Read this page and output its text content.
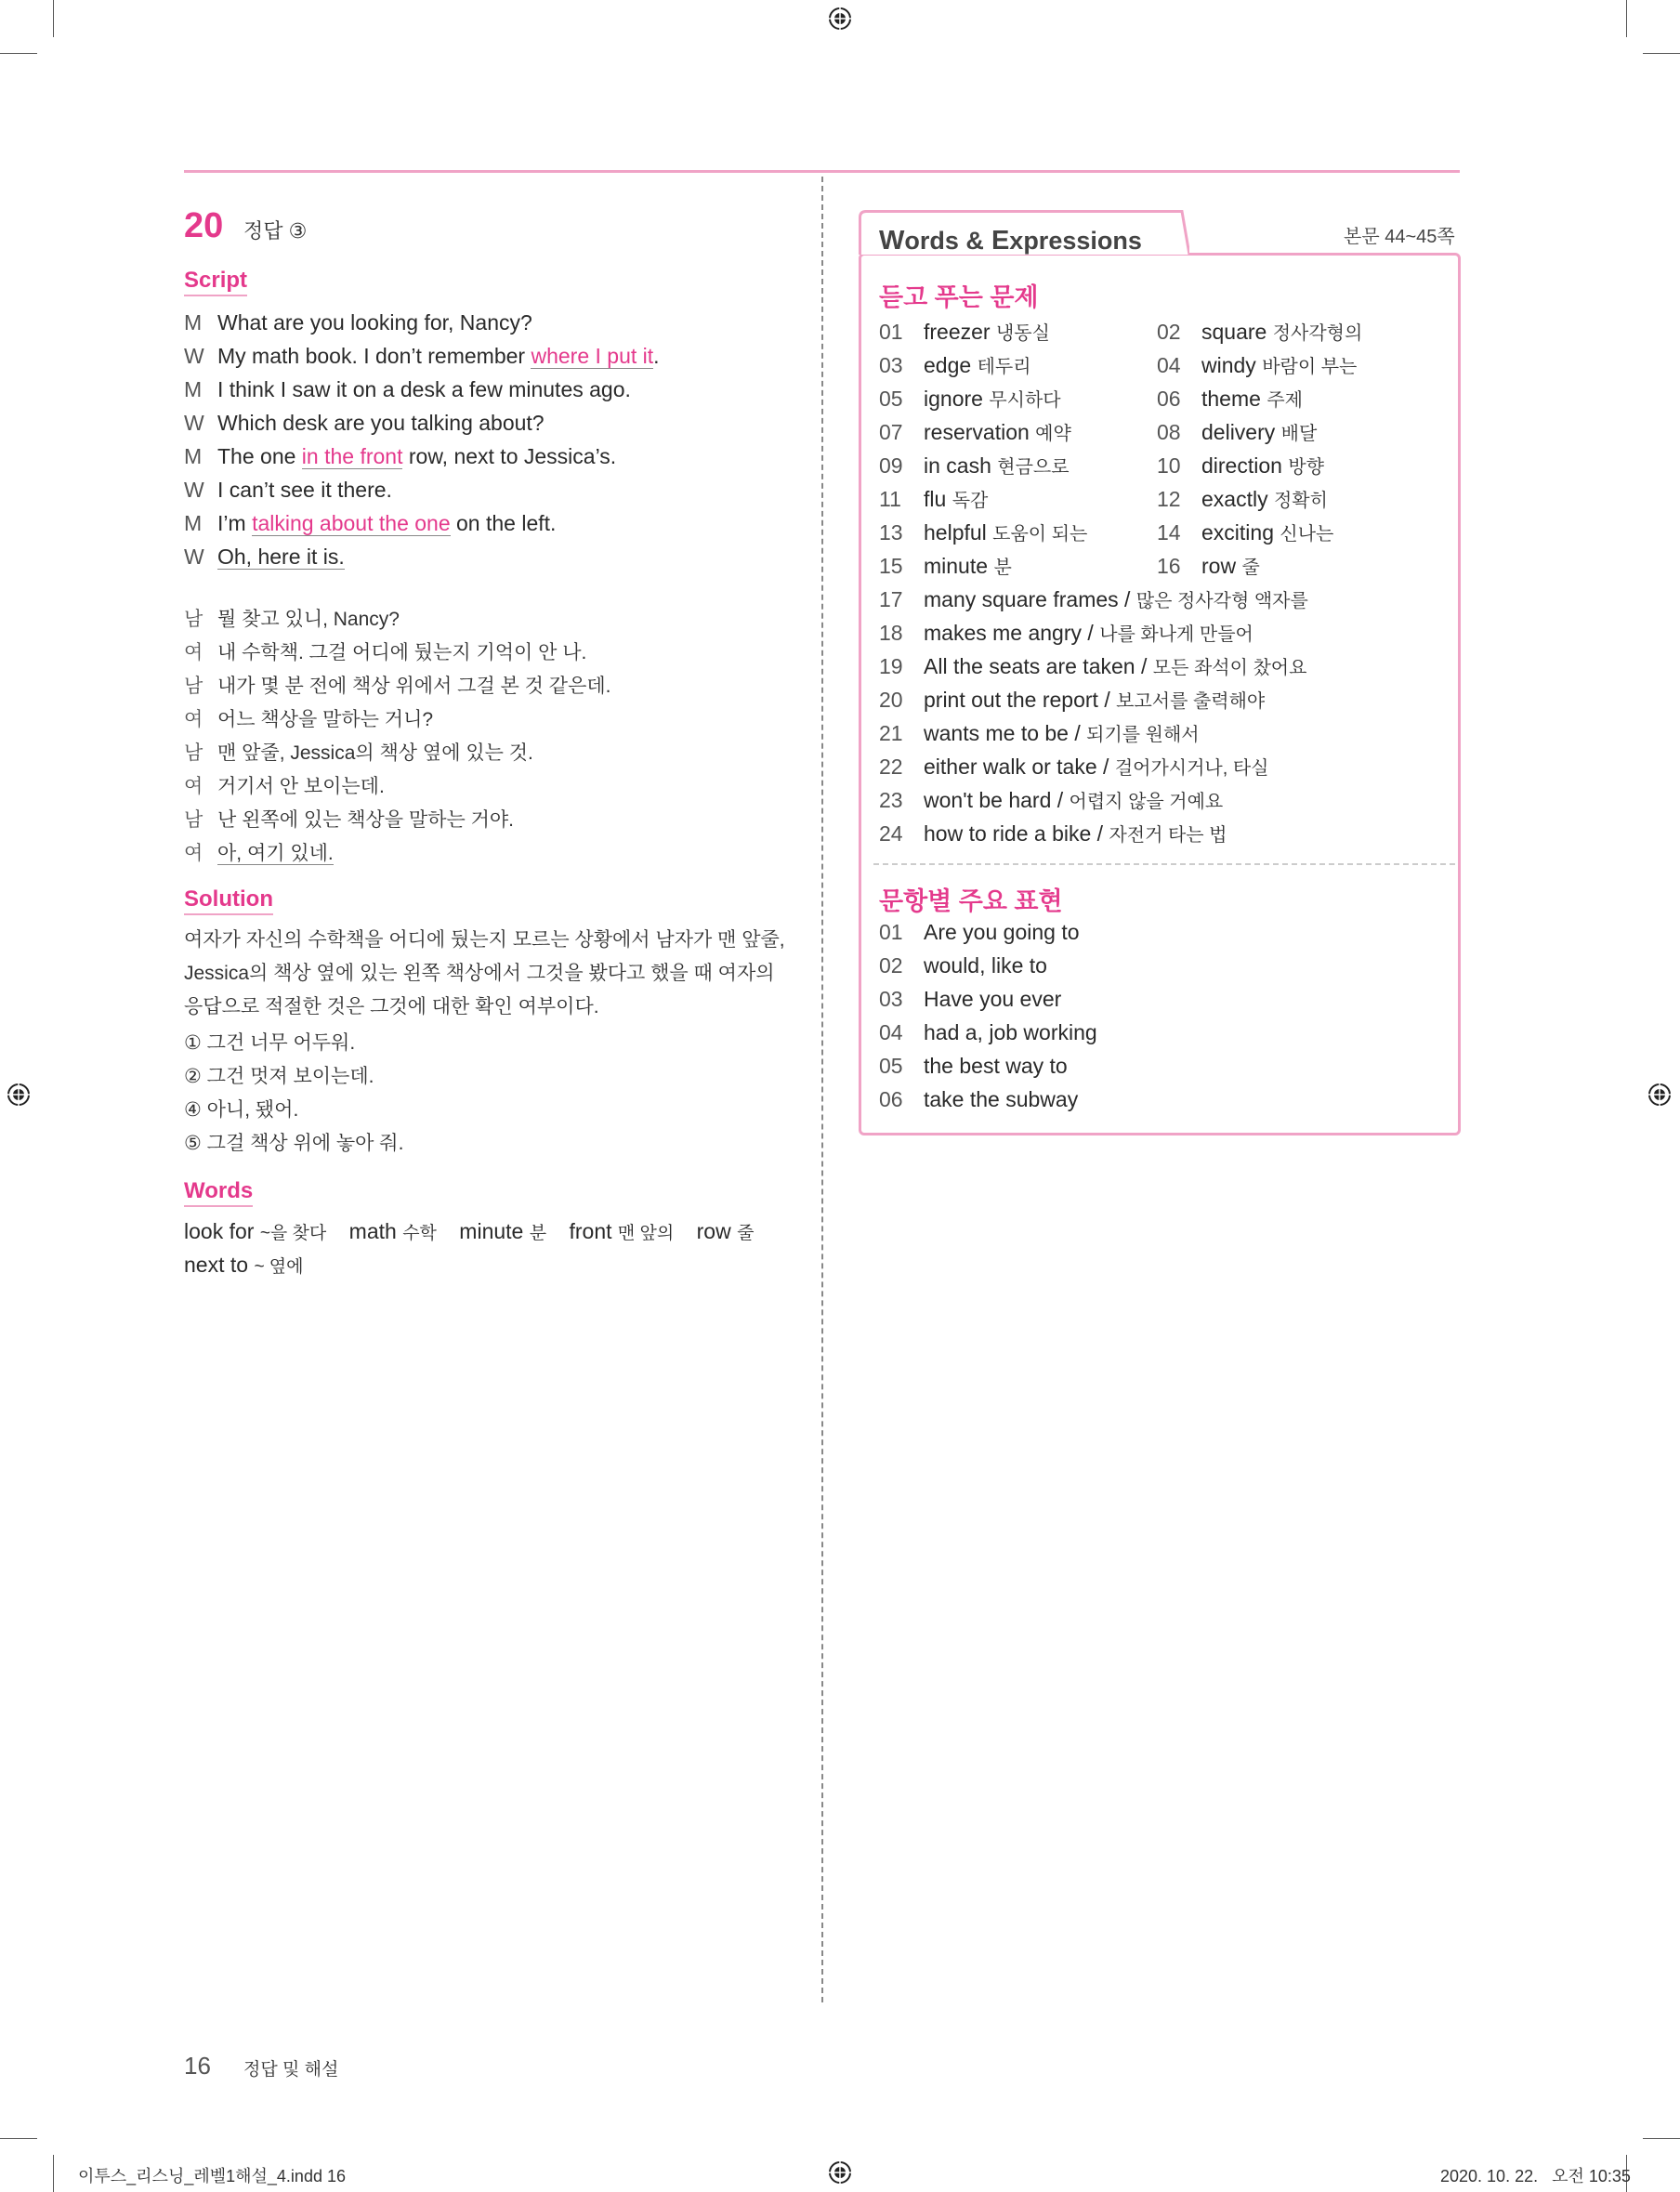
20 정답 ③
Script
M What are you looking for, Nancy?
W My math book. I don’t remember where I put it.
M I think I saw it on a desk a few minutes ago.
W Which desk are you talking about?
M The one in the front row, next to Jessica’s.
W I can’t see it there.
M I’m talking about the one on the left.
W Oh, here it is.
남 뭘 찾고 있니, Nancy?
여 내 수학책. 그걸 어디에 뒀는지 기억이 안 나.
남 내가 몇 분 전에 책상 위에서 그걸 본 것 같은데.
여 어느 책상을 말하는 거니?
남 맨 앞줄, Jessica의 책상 옆에 있는 것.
여 거기서 안 보이는데.
남 난 왼쪽에 있는 책상을 말하는 거야.
여 아, 여기 있네.
Solution
여자가 자신의 수학책을 어디에 뒀는지 모르는 상황에서 남자가 맨 앞줄, Jessica의 책상 옆에 있는 왼쪽 책상에서 그것을 봤다고 했을 때 여자의 응답으로 적절한 것은 그것에 대한 확인 여부이다.
① 그건 너무 어두워.
② 그건 멋져 보이는데.
④ 아니, 됐어.
⑤ 그걸 책상 위에 놓아 줘.
Words
look for ~을 찾다 math 수학 minute 분 front 맨 앞의 row 줄
next to ~ 옆에
Words & Expressions	본문 44~45쪽
듣고 푸는 문제
01 freezer 냉동실	02 square 정사각형의
03 edge 테두리	04 windy 바람이 부는
05 ignore 무시하다	06 theme 주제
07 reservation 예약	08 delivery 배달
09 in cash 현금으로	10 direction 방향
11 flu 독감	12 exactly 정확히
13 helpful 도움이 되는	14 exciting 신나는
15 minute 분	16 row 줄
17 many square frames / 많은 정사각형 액자를
18 makes me angry / 나를 화나게 만들어
19 All the seats are taken / 모든 좌석이 찼어요
20 print out the report / 보고서를 출력해야
21 wants me to be / 되기를 원해서
22 either walk or take / 걸어가시거나, 타실
23 won't be hard / 어렵지 않을 거예요
24 how to ride a bike / 자전거 타는 법
문항별 주요 표현
01 Are you going to
02 would, like to
03 Have you ever
04 had a, job working
05 the best way to
06 take the subway
16 정답 및 해설
이투스_리스닝_레벨1해설_4.indd 16	2020. 10. 22.   오전 10:35
